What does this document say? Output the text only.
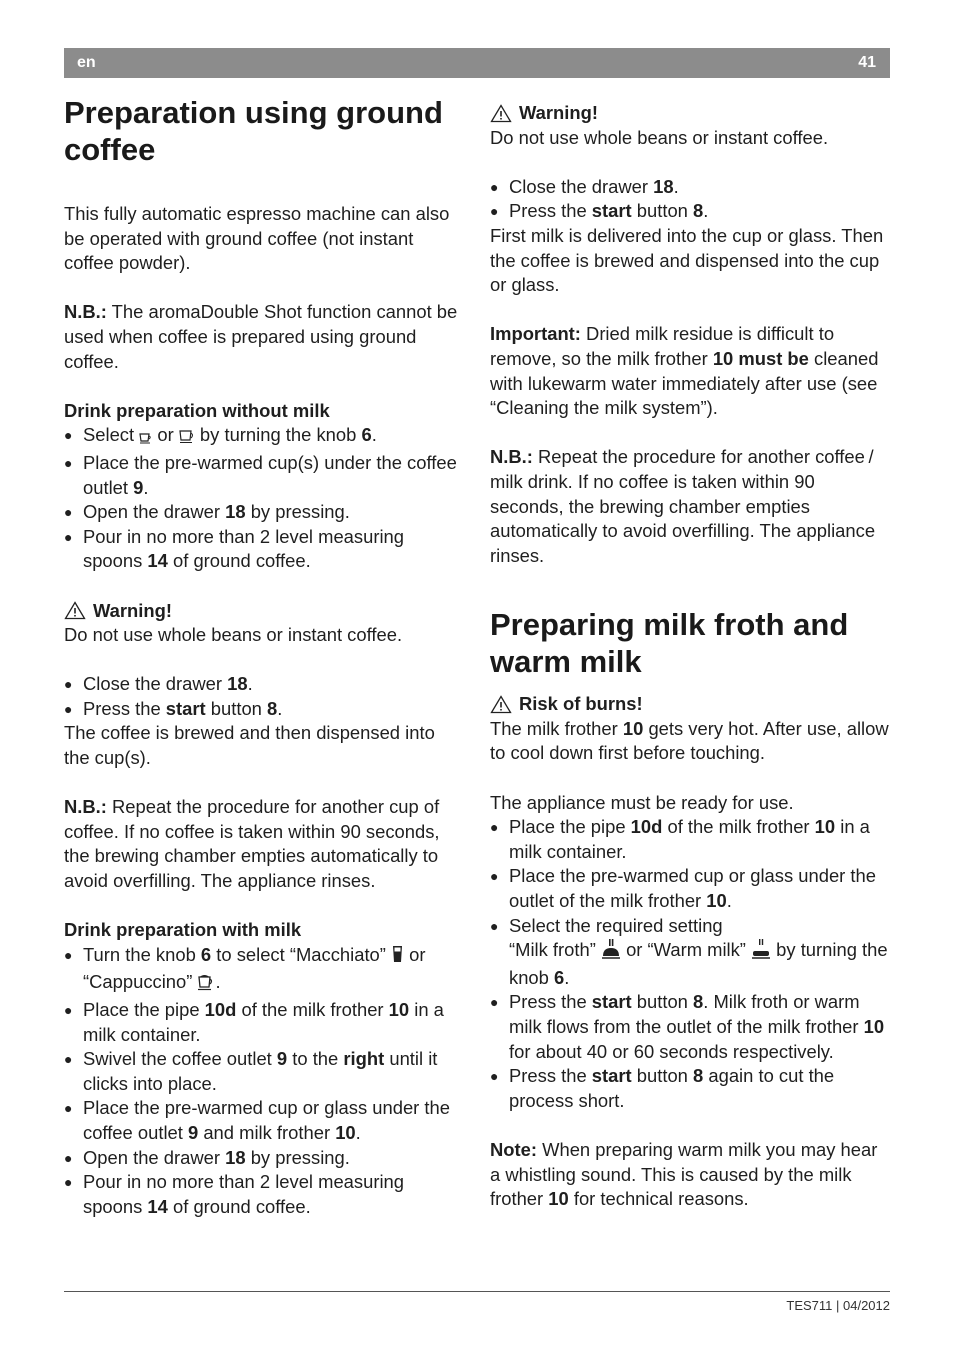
en	41
Preparation using ground coffee

This fully automatic espresso machine can also be operated with ground coffee (not instant coffee powder).

N.B.: The aromaDouble Shot function cannot be used when coffee is prepared using ground coffee.

Drink preparation without milk

● Select  or  by turning the knob 6.

● Place the pre-warmed cup(s) under the coffee outlet 9.

● Open the drawer 18 by pressing.

● Pour in no more than 2 level measuring spoons 14 of ground coffee.

Warning!

Do not use whole beans or instant coffee.

● Close the drawer 18.

● Press the start button 8.

The coffee is brewed and then dispensed into the cup(s).

N.B.: Repeat the procedure for another cup of coffee. If no coffee is taken within 90 seconds, the brewing chamber empties automatically to avoid overfilling. The appliance rinses.

Drink preparation with milk

● Turn the knob 6 to select “Macchiato”  or “Cappuccino” .

● Place the pipe 10d of the milk frother 10 in a milk container.

● Swivel the coffee outlet 9 to the right until it clicks into place.

● Place the pre-warmed cup or glass under the coffee outlet 9 and milk frother 10.

● Open the drawer 18 by pressing.

● Pour in no more than 2 level measuring spoons 14 of ground coffee.

Warning!

Do not use whole beans or instant coffee.

● Close the drawer 18.

● Press the start button 8.

First milk is delivered into the cup or glass. Then the coffee is brewed and dispensed into the cup or glass.

Important: Dried milk residue is difficult to remove, so the milk frother 10 must be cleaned with lukewarm water immediately after use (see “Cleaning the milk system”).

N.B.: Repeat the procedure for another coffee / milk drink. If no coffee is taken within 90 seconds, the brewing chamber empties automatically to avoid overfilling. The appliance rinses.

Preparing milk froth and warm milk

Risk of burns!

The milk frother 10 gets very hot. After use, allow to cool down first before touching.

The appliance must be ready for use.

● Place the pipe 10d of the milk frother 10 in a milk container.

● Place the pre-warmed cup or glass under the outlet of the milk frother 10.

● Select the required setting
“Milk froth”  or “Warm milk”  by turning the knob 6.

● Press the start button 8. Milk froth or warm milk flows from the outlet of the milk frother 10 for about 40 or 60 seconds respectively.

● Press the start button 8 again to cut the process short.

Note: When preparing warm milk you may hear a whistling sound. This is caused by the milk frother 10 for technical reasons.

TES711 | 04/2012
